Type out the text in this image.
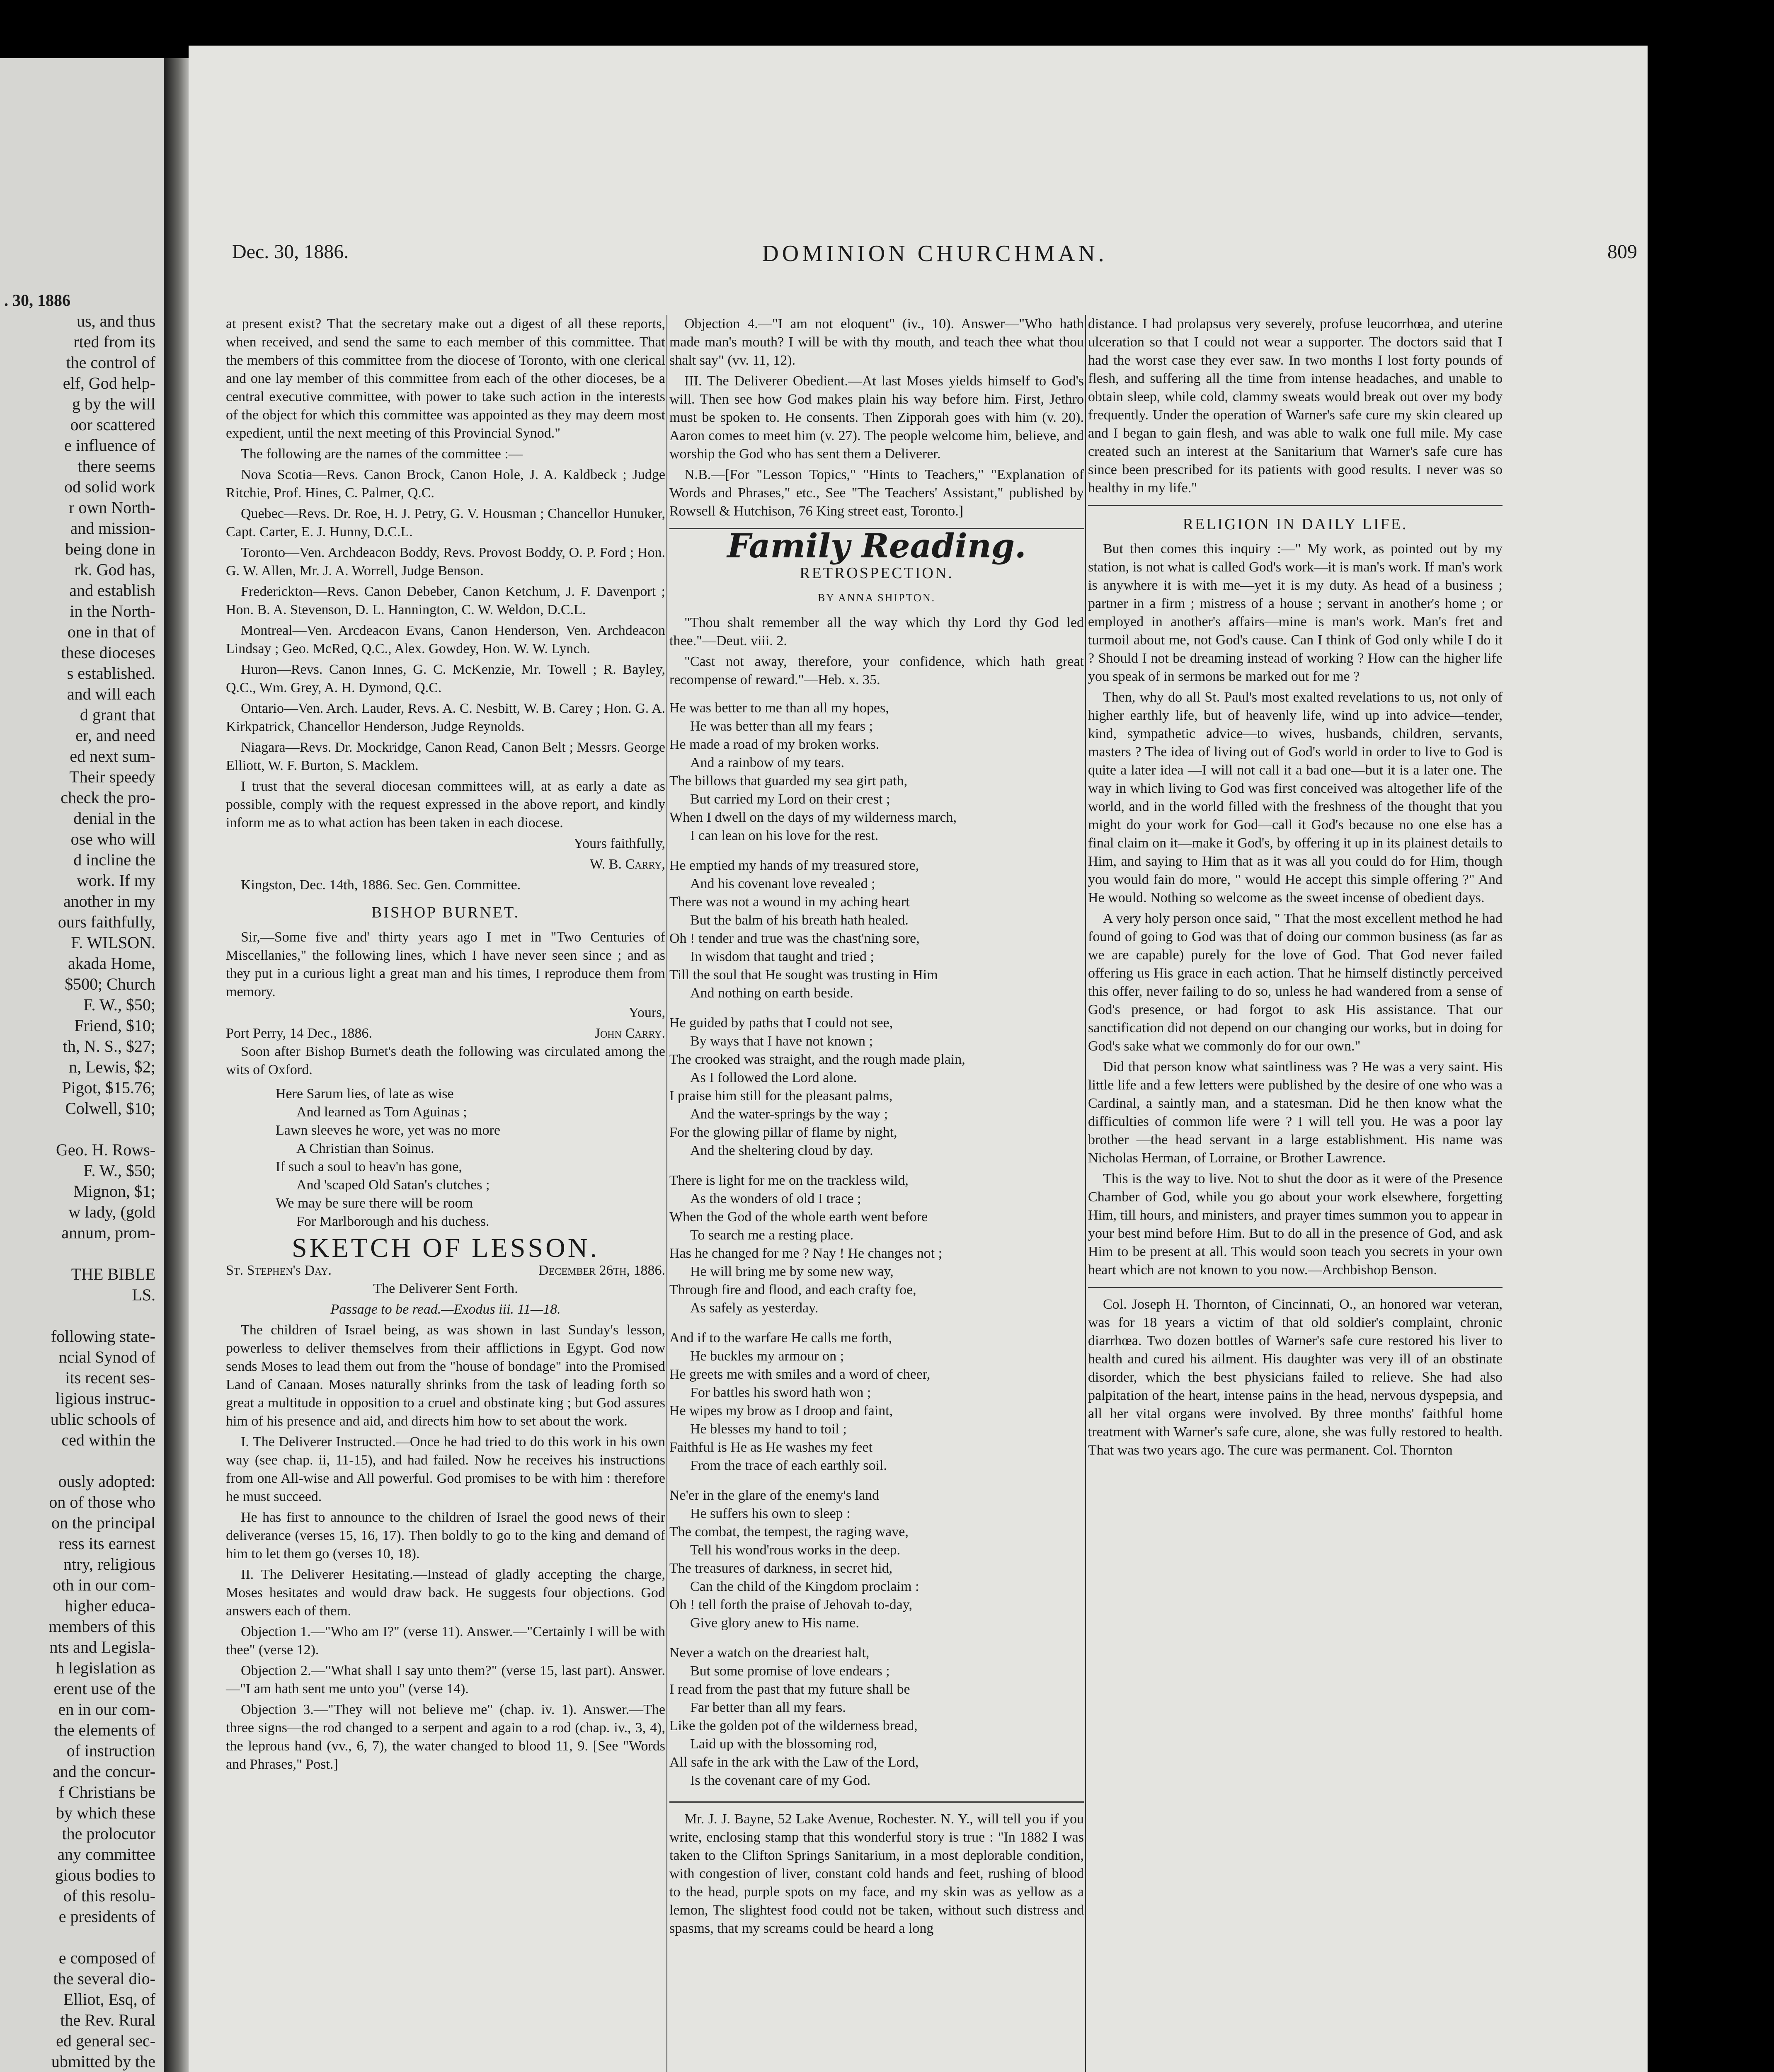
. 30, 1886

us, and thus

rted from its

the control of

elf, God help-

g by the will

oor scattered

e influence of

there seems

od solid work

r own North-

and mission-

being done in

rk. God has,

and establish

in the North-

one in that of

these dioceses

s established.

and will each

d grant that

er, and need

ed next sum-

Their speedy

check the pro-

denial in the

ose who will

d incline the

work. If my

another in my

ours faithfully,

F. WILSON.

akada Home,

$500; Church

F. W., $50;

Friend, $10;

th, N. S., $27;

n, Lewis, $2;

Pigot, $15.76;

Colwell, $10;

Geo. H. Rows-

F. W., $50;

Mignon, $1;

w lady, (gold

annum, prom-

THE BIBLE

LS.

following state-

ncial Synod of

its recent ses-

ligious instruc-

ublic schools of

ced within the

ously adopted:

on of those who

on the principal

ress its earnest

ntry, religious

oth in our com-

higher educa-

members of this

nts and Legisla-

h legislation as

erent use of the

en in our com-

the elements of

of instruction

and the concur-

f Christians be

by which these

the prolocutor

any committee

gious bodies to

of this resolu-

e presidents of

e composed of

the several dio-

Elliot, Esq, of

the Rev. Rural

ed general sec-

ubmitted by the

Dec. 30, 1886.	DOMINION CHURCHMAN.	809

at present exist? That the secretary make out a digest of all these reports, when received, and send the same to each member of this committee. That the members of this committee from the diocese of Toronto, with one clerical and one lay member of this committee from each of the other dioceses, be a central executive committee, with power to take such action in the interests of the object for which this committee was appointed as they may deem most expedient, until the next meeting of this Provincial Synod."

The following are the names of the committee :—

Nova Scotia—Revs. Canon Brock, Canon Hole, J. A. Kaldbeck ; Judge Ritchie, Prof. Hines, C. Palmer, Q.C.

Quebec—Revs. Dr. Roe, H. J. Petry, G. V. Housman ; Chancellor Hunuker, Capt. Carter, E. J. Hunny, D.C.L.

Toronto—Ven. Archdeacon Boddy, Revs. Provost Boddy, O. P. Ford ; Hon. G. W. Allen, Mr. J. A. Worrell, Judge Benson.

Frederickton—Revs. Canon Debeber, Canon Ketchum, J. F. Davenport ; Hon. B. A. Stevenson, D. L. Hannington, C. W. Weldon, D.C.L.

Montreal—Ven. Arcdeacon Evans, Canon Henderson, Ven. Archdeacon Lindsay ; Geo. McRed, Q.C., Alex. Gowdey, Hon. W. W. Lynch.

Huron—Revs. Canon Innes, G. C. McKenzie, Mr. Towell ; R. Bayley, Q.C., Wm. Grey, A. H. Dymond, Q.C.

Ontario—Ven. Arch. Lauder, Revs. A. C. Nesbitt, W. B. Carey ; Hon. G. A. Kirkpatrick, Chancellor Henderson, Judge Reynolds.

Niagara—Revs. Dr. Mockridge, Canon Read, Canon Belt ; Messrs. George Elliott, W. F. Burton, S. Macklem.

I trust that the several diocesan committees will, at as early a date as possible, comply with the request expressed in the above report, and kindly inform me as to what action has been taken in each diocese.

Yours faithfully,

W. B. Carry,

Kingston, Dec. 14th, 1886. Sec. Gen. Committee.

BISHOP BURNET.

Sir,—Some five and' thirty years ago I met in "Two Centuries of Miscellanies," the following lines, which I have never seen since ; and as they put in a curious light a great man and his times, I reproduce them from memory.

Yours,

Port Perry, 14 Dec., 1886.	John Carry.

Soon after Bishop Burnet's death the following was circulated among the wits of Oxford.

Here Sarum lies, of late as wise

And learned as Tom Aguinas ;

Lawn sleeves he wore, yet was no more

A Christian than Soinus.

If such a soul to heav'n has gone,

And 'scaped Old Satan's clutches ;

We may be sure there will be room

For Marlborough and his duchess.

SKETCH OF LESSON.
St. Stephen's Day.	December 26th, 1886.

The Deliverer Sent Forth.

Passage to be read.—Exodus iii. 11—18.

The children of Israel being, as was shown in last Sunday's lesson, powerless to deliver themselves from their afflictions in Egypt. God now sends Moses to lead them out from the "house of bondage" into the Promised Land of Canaan. Moses naturally shrinks from the task of leading forth so great a multitude in opposition to a cruel and obstinate king ; but God assures him of his presence and aid, and directs him how to set about the work.

I. The Deliverer Instructed.—Once he had tried to do this work in his own way (see chap. ii, 11-15), and had failed. Now he receives his instructions from one All-wise and All powerful. God promises to be with him : therefore he must succeed.

He has first to announce to the children of Israel the good news of their deliverance (verses 15, 16, 17). Then boldly to go to the king and demand of him to let them go (verses 10, 18).

II. The Deliverer Hesitating.—Instead of gladly accepting the charge, Moses hesitates and would draw back. He suggests four objections. God answers each of them.

Objection 1.—"Who am I?" (verse 11). Answer.—"Certainly I will be with thee" (verse 12).

Objection 2.—"What shall I say unto them?" (verse 15, last part). Answer.—"I am hath sent me unto you" (verse 14).

Objection 3.—"They will not believe me" (chap. iv. 1). Answer.—The three signs—the rod changed to a serpent and again to a rod (chap. iv., 3, 4), the leprous hand (vv., 6, 7), the water changed to blood 11, 9. [See "Words and Phrases," Post.]

Objection 4.—"I am not eloquent" (iv., 10). Answer—"Who hath made man's mouth? I will be with thy mouth, and teach thee what thou shalt say" (vv. 11, 12).

III. The Deliverer Obedient.—At last Moses yields himself to God's will. Then see how God makes plain his way before him. First, Jethro must be spoken to. He consents. Then Zipporah goes with him (v. 20). Aaron comes to meet him (v. 27). The people welcome him, believe, and worship the God who has sent them a Deliverer.

N.B.—[For "Lesson Topics," "Hints to Teachers," "Explanation of Words and Phrases," etc., See "The Teachers' Assistant," published by Rowsell & Hutchison, 76 King street east, Toronto.]

Family Reading.
RETROSPECTION.
BY ANNA SHIPTON.

"Thou shalt remember all the way which thy Lord thy God led thee."—Deut. viii. 2.

"Cast not away, therefore, your confidence, which hath great recompense of reward."—Heb. x. 35.

He was better to me than all my hopes,

He was better than all my fears ;

He made a road of my broken works.

And a rainbow of my tears.

The billows that guarded my sea girt path,

But carried my Lord on their crest ;

When I dwell on the days of my wilderness march,

I can lean on his love for the rest.

He emptied my hands of my treasured store,

And his covenant love revealed ;

There was not a wound in my aching heart

But the balm of his breath hath healed.

Oh ! tender and true was the chast'ning sore,

In wisdom that taught and tried ;

Till the soul that He sought was trusting in Him

And nothing on earth beside.

He guided by paths that I could not see,

By ways that I have not known ;

The crooked was straight, and the rough made plain,

As I followed the Lord alone.

I praise him still for the pleasant palms,

And the water-springs by the way ;

For the glowing pillar of flame by night,

And the sheltering cloud by day.

There is light for me on the trackless wild,

As the wonders of old I trace ;

When the God of the whole earth went before

To search me a resting place.

Has he changed for me ? Nay ! He changes not ;

He will bring me by some new way,

Through fire and flood, and each crafty foe,

As safely as yesterday.

And if to the warfare He calls me forth,

He buckles my armour on ;

He greets me with smiles and a word of cheer,

For battles his sword hath won ;

He wipes my brow as I droop and faint,

He blesses my hand to toil ;

Faithful is He as He washes my feet

From the trace of each earthly soil.

Ne'er in the glare of the enemy's land

He suffers his own to sleep :

The combat, the tempest, the raging wave,

Tell his wond'rous works in the deep.

The treasures of darkness, in secret hid,

Can the child of the Kingdom proclaim :

Oh ! tell forth the praise of Jehovah to-day,

Give glory anew to His name.

Never a watch on the dreariest halt,

But some promise of love endears ;

I read from the past that my future shall be

Far better than all my fears.

Like the golden pot of the wilderness bread,

Laid up with the blossoming rod,

All safe in the ark with the Law of the Lord,

Is the covenant care of my God.

Mr. J. J. Bayne, 52 Lake Avenue, Rochester. N. Y., will tell you if you write, enclosing stamp that this wonderful story is true : "In 1882 I was taken to the Clifton Springs Sanitarium, in a most deplorable condition, with congestion of liver, constant cold hands and feet, rushing of blood to the head, purple spots on my face, and my skin was as yellow as a lemon, The slightest food could not be taken, without such distress and spasms, that my screams could be heard a long

distance. I had prolapsus very severely, profuse leucorrhœa, and uterine ulceration so that I could not wear a supporter. The doctors said that I had the worst case they ever saw. In two months I lost forty pounds of flesh, and suffering all the time from intense headaches, and unable to obtain sleep, while cold, clammy sweats would break out over my body frequently. Under the operation of Warner's safe cure my skin cleared up and I began to gain flesh, and was able to walk one full mile. My case created such an interest at the Sanitarium that Warner's safe cure has since been prescribed for its patients with good results. I never was so healthy in my life."

RELIGION IN DAILY LIFE.

But then comes this inquiry :—" My work, as pointed out by my station, is not what is called God's work—it is man's work. If man's work is anywhere it is with me—yet it is my duty. As head of a business ; partner in a firm ; mistress of a house ; servant in another's home ; or employed in another's affairs—mine is man's work. Man's fret and turmoil about me, not God's cause. Can I think of God only while I do it ? Should I not be dreaming instead of working ? How can the higher life you speak of in sermons be marked out for me ?

Then, why do all St. Paul's most exalted revelations to us, not only of higher earthly life, but of heavenly life, wind up into advice—tender, kind, sympathetic advice—to wives, husbands, children, servants, masters ? The idea of living out of God's world in order to live to God is quite a later idea —I will not call it a bad one—but it is a later one. The way in which living to God was first conceived was altogether life of the world, and in the world filled with the freshness of the thought that you might do your work for God—call it God's because no one else has a final claim on it—make it God's, by offering it up in its plainest details to Him, and saying to Him that as it was all you could do for Him, though you would fain do more, " would He accept this simple offering ?" And He would. Nothing so welcome as the sweet incense of obedient days.

A very holy person once said, " That the most excellent method he had found of going to God was that of doing our common business (as far as we are capable) purely for the love of God. That God never failed offering us His grace in each action. That he himself distinctly perceived this offer, never failing to do so, unless he had wandered from a sense of God's presence, or had forgot to ask His assistance. That our sanctification did not depend on our changing our works, but in doing for God's sake what we commonly do for our own."

Did that person know what saintliness was ? He was a very saint. His little life and a few letters were published by the desire of one who was a Cardinal, a saintly man, and a statesman. Did he then know what the difficulties of common life were ? I will tell you. He was a poor lay brother —the head servant in a large establishment. His name was Nicholas Herman, of Lorraine, or Brother Lawrence.

This is the way to live. Not to shut the door as it were of the Presence Chamber of God, while you go about your work elsewhere, forgetting Him, till hours, and ministers, and prayer times summon you to appear in your best mind before Him. But to do all in the presence of God, and ask Him to be present at all. This would soon teach you secrets in your own heart which are not known to you now.—Archbishop Benson.

Col. Joseph H. Thornton, of Cincinnati, O., an honored war veteran, was for 18 years a victim of that old soldier's complaint, chronic diarrhœa. Two dozen bottles of Warner's safe cure restored his liver to health and cured his ailment. His daughter was very ill of an obstinate disorder, which the best physicians failed to relieve. She had also palpitation of the heart, intense pains in the head, nervous dyspepsia, and all her vital organs were involved. By three months' faithful home treatment with Warner's safe cure, alone, she was fully restored to health. That was two years ago. The cure was permanent. Col. Thornton
